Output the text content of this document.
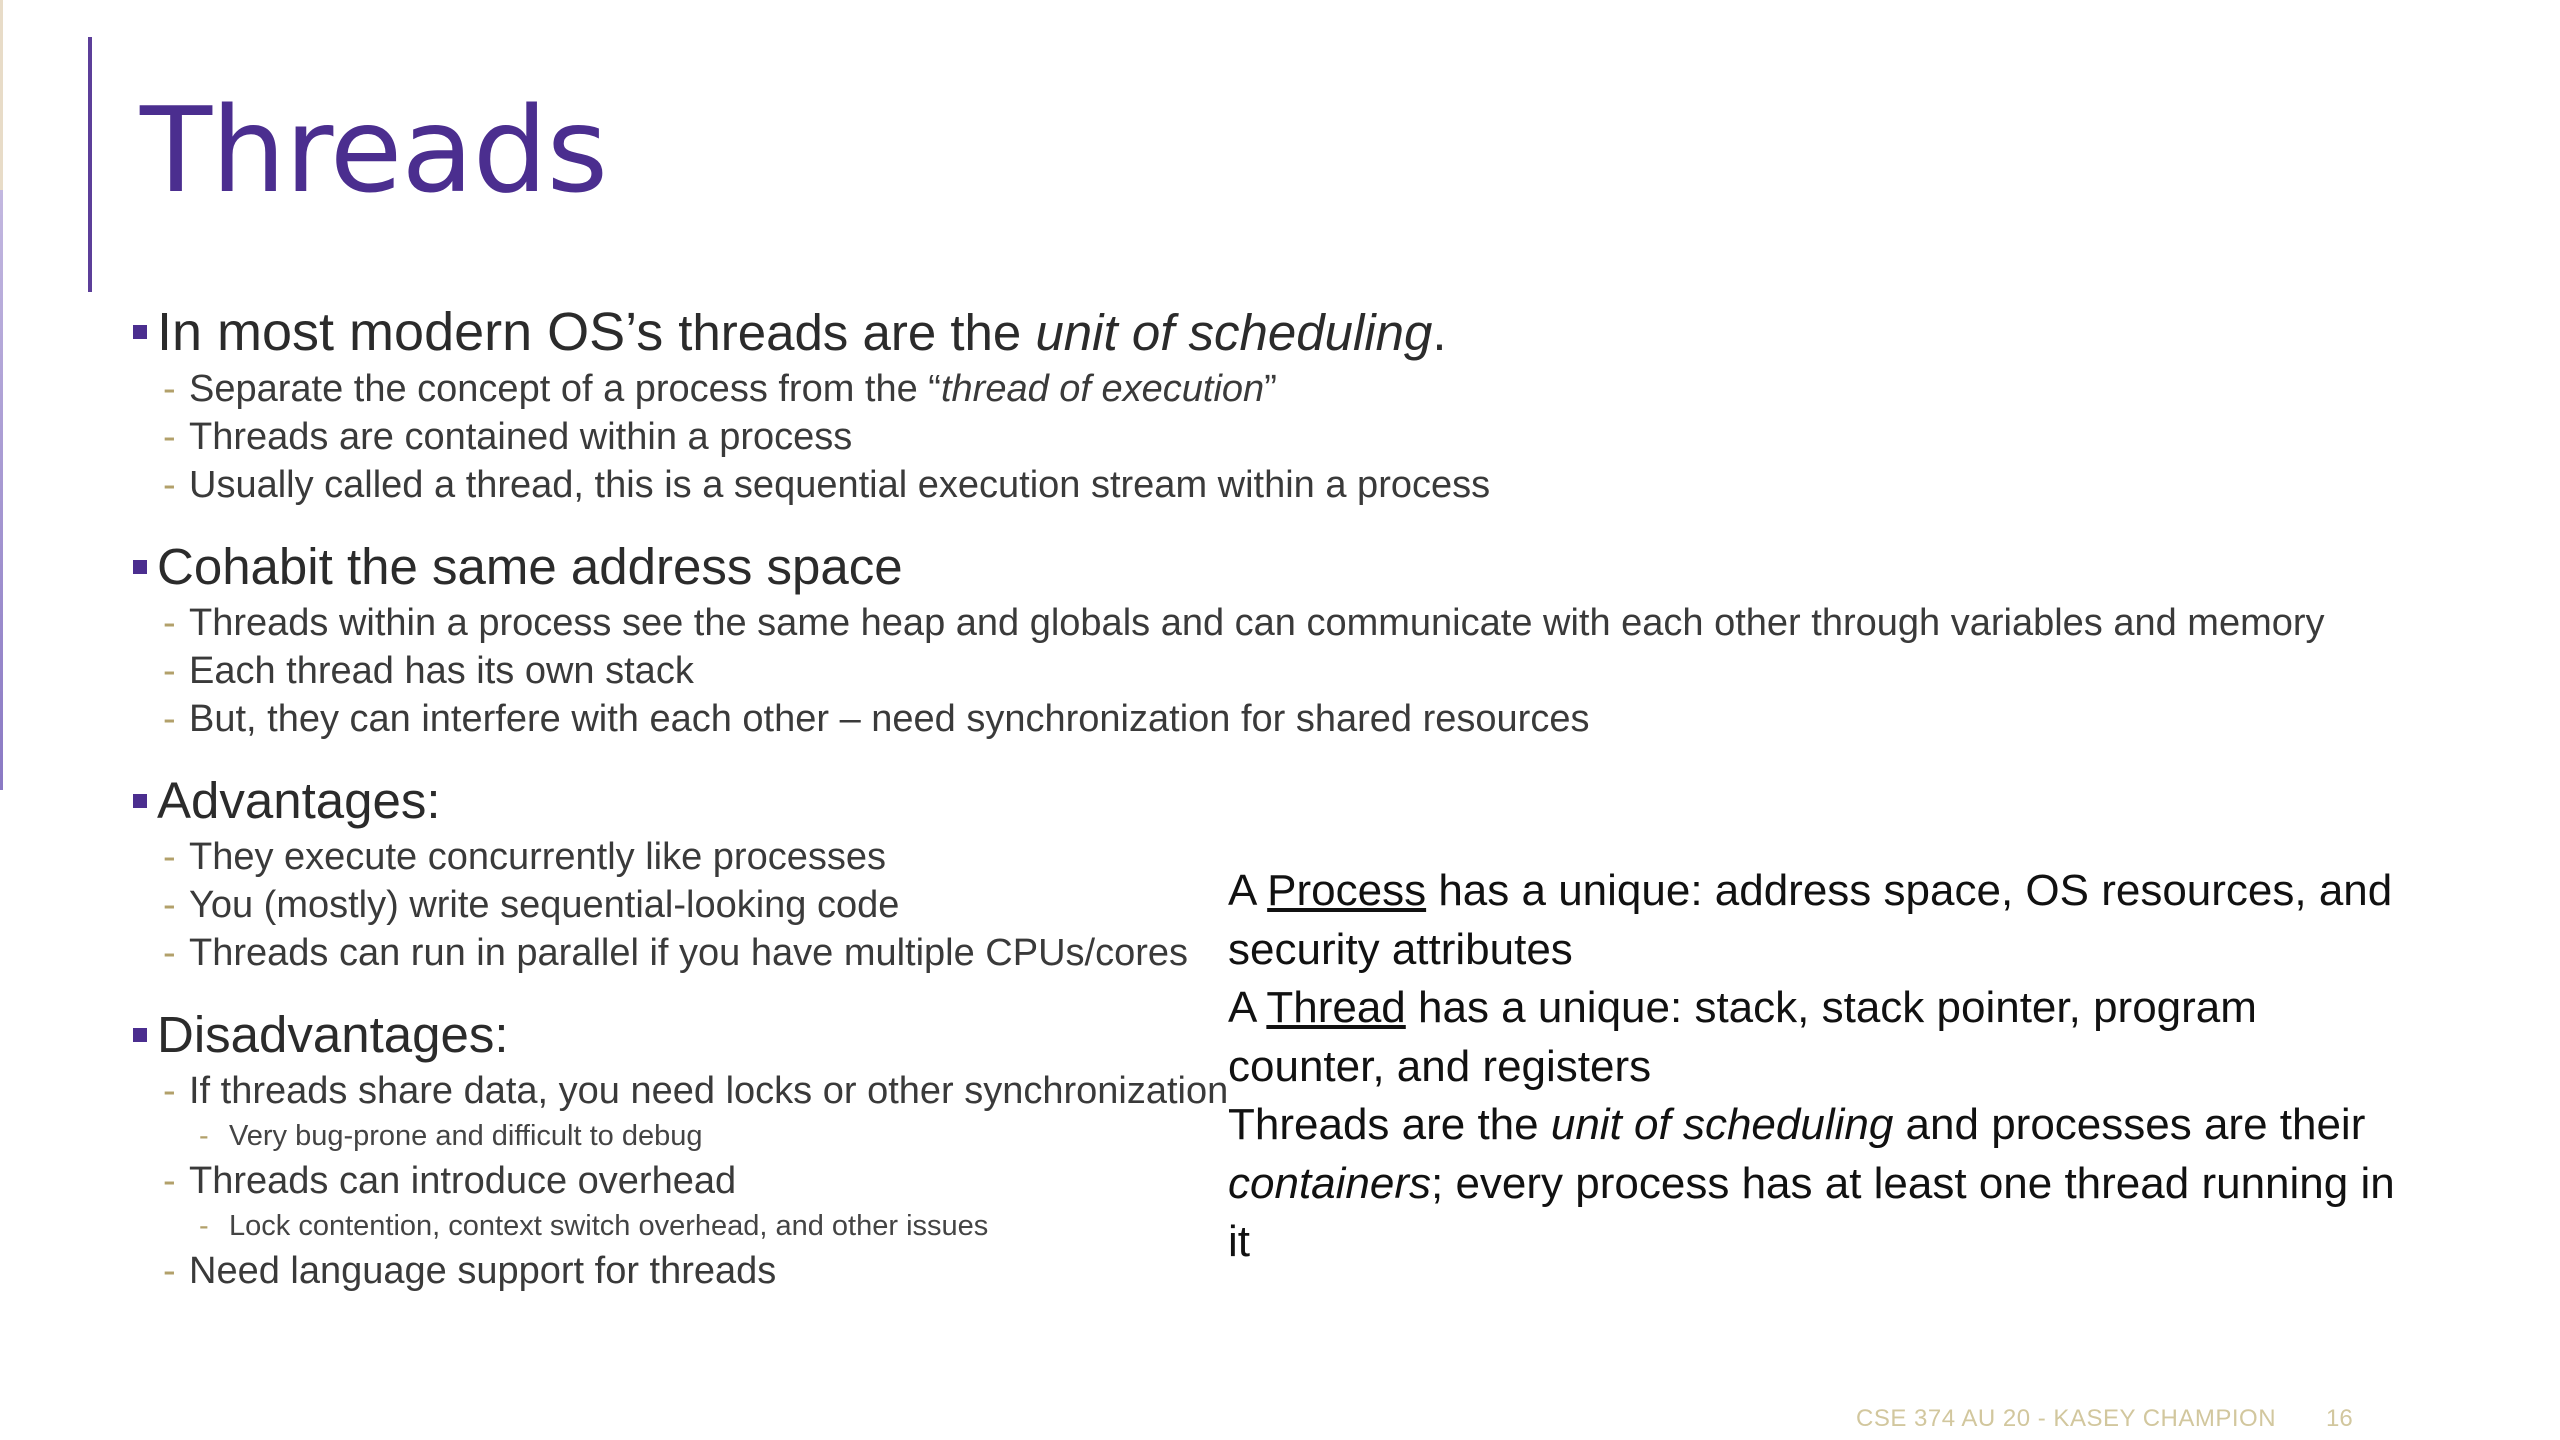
Threads
In most modern OS’s threads are the unit of scheduling.
- Separate the concept of a process from the “thread of execution”
- Threads are contained within a process
- Usually called a thread, this is a sequential execution stream within a process
Cohabit the same address space
- Threads within a process see the same heap and globals and can communicate with each other through variables and memory
- Each thread has its own stack
- But, they can interfere with each other – need synchronization for shared resources
Advantages:
- They execute concurrently like processes
- You (mostly) write sequential-looking code
- Threads can run in parallel if you have multiple CPUs/cores
Disadvantages:
- If threads share data, you need locks or other synchronization
- Very bug-prone and difficult to debug
- Threads can introduce overhead
- Lock contention, context switch overhead, and other issues
- Need language support for threads

A Process has a unique: address space, OS resources, and security attributes

A Thread has a unique: stack, stack pointer, program counter, and registers

Threads are the unit of scheduling and processes are their containers; every process has at least one thread running in it

CSE 374 AU 20 - KASEY CHAMPION 16
